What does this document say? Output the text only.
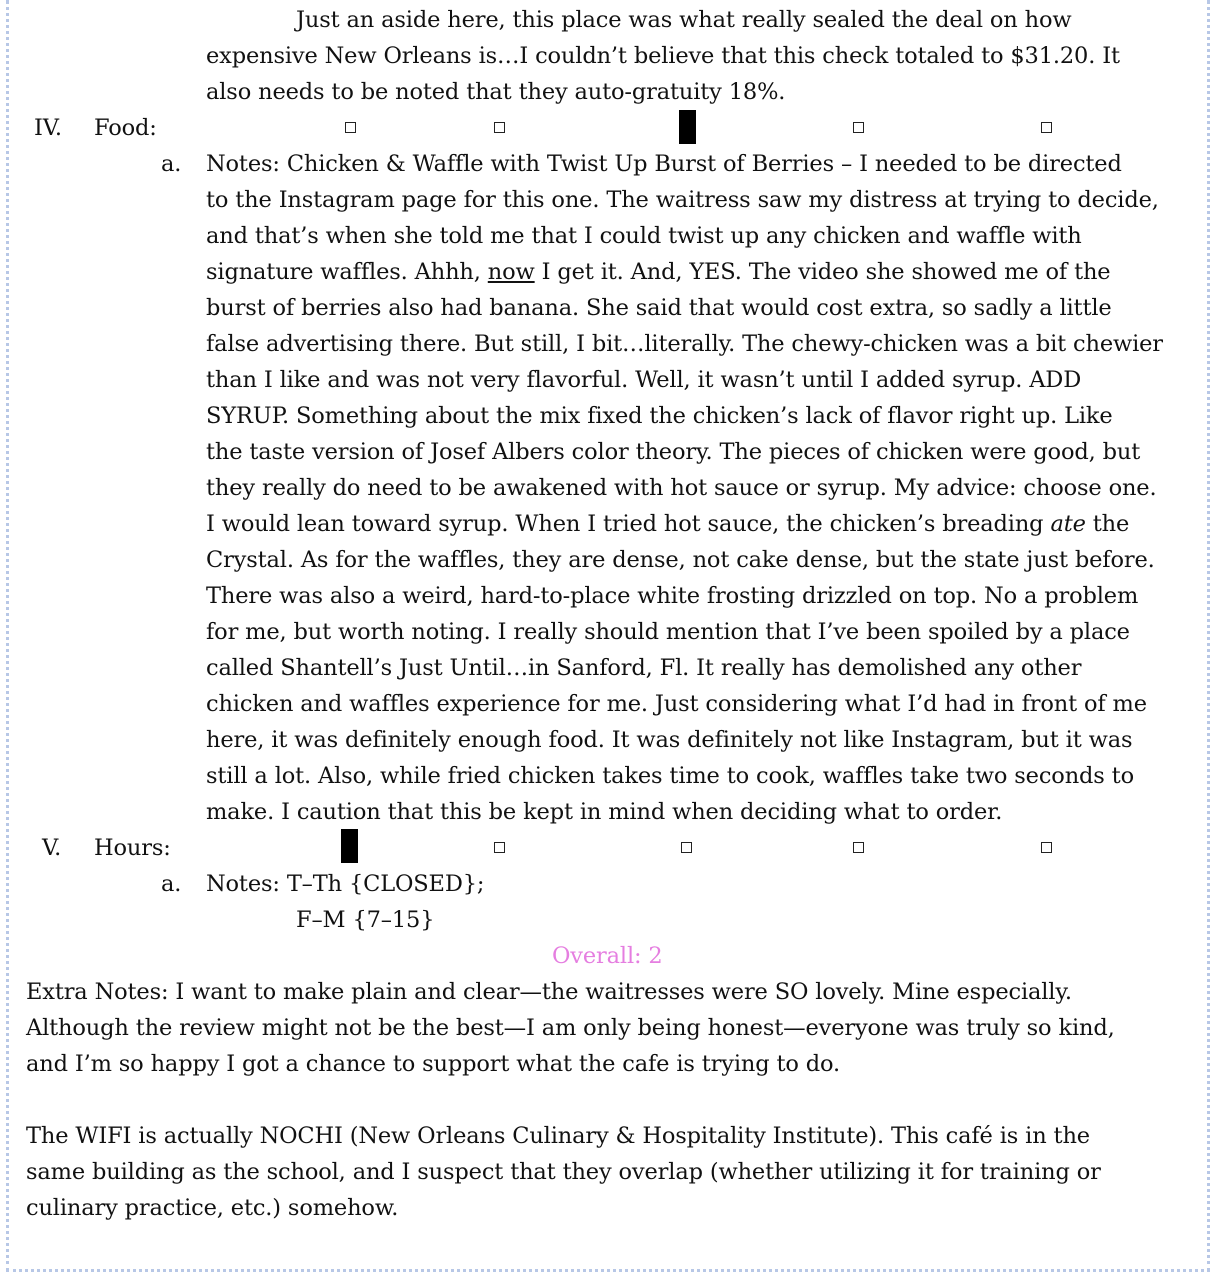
Just an aside here, this place was what really sealed the deal on how
expensive New Orleans is…I couldn’t believe that this check totaled to $31.20. It
also needs to be noted that they auto-gratuity 18%.
IV. Food:
a. Notes: Chicken & Waffle with Twist Up Burst of Berries – I needed to be directed
to the Instagram page for this one. The waitress saw my distress at trying to decide,
and that’s when she told me that I could twist up any chicken and waffle with
signature waffles. Ahhh, now I get it. And, YES. The video she showed me of the
burst of berries also had banana. She said that would cost extra, so sadly a little
false advertising there. But still, I bit…literally. The chewy-chicken was a bit chewier
than I like and was not very flavorful. Well, it wasn’t until I added syrup. ADD
SYRUP. Something about the mix fixed the chicken’s lack of flavor right up. Like
the taste version of Josef Albers color theory. The pieces of chicken were good, but
they really do need to be awakened with hot sauce or syrup. My advice: choose one.
I would lean toward syrup. When I tried hot sauce, the chicken’s breading ate the
Crystal. As for the waffles, they are dense, not cake dense, but the state just before.
There was also a weird, hard-to-place white frosting drizzled on top. No a problem
for me, but worth noting. I really should mention that I’ve been spoiled by a place
called Shantell’s Just Until…in Sanford, Fl. It really has demolished any other
chicken and waffles experience for me. Just considering what I’d had in front of me
here, it was definitely enough food. It was definitely not like Instagram, but it was
still a lot. Also, while fried chicken takes time to cook, waffles take two seconds to
make. I caution that this be kept in mind when deciding what to order.
V. Hours:
a. Notes: T–Th {CLOSED};
F–M {7–15}
Overall: 2
Extra Notes: I want to make plain and clear—the waitresses were SO lovely. Mine especially.
Although the review might not be the best—I am only being honest—everyone was truly so kind,
and I’m so happy I got a chance to support what the cafe is trying to do.
The WIFI is actually NOCHI (New Orleans Culinary & Hospitality Institute). This café is in the
same building as the school, and I suspect that they overlap (whether utilizing it for training or
culinary practice, etc.) somehow.
